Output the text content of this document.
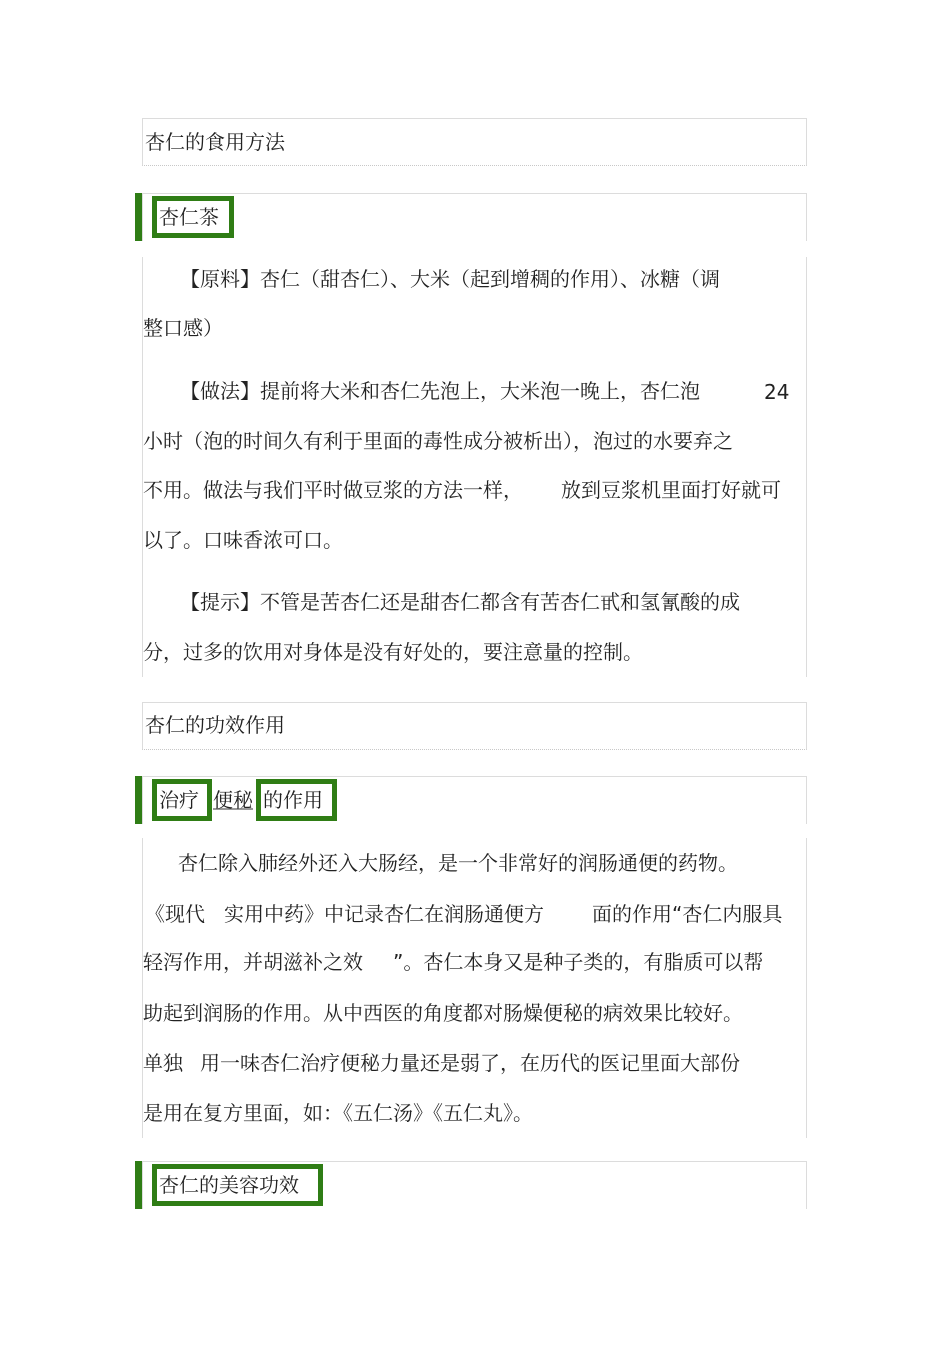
杏仁的食用方法
杏仁茶
【原料】杏仁（甜杏仁）、大米（起到增稠的作用）、冰糖（调
整口感）
【做法】提前将大米和杏仁先泡上，大米泡一晚上，杏仁泡	24
小时（泡的时间久有利于里面的毒性成分被析出），泡过的水要弃之
不用。做法与我们平时做豆浆的方法一样， 放到豆浆机里面打好就可
以了。口味香浓可口。
【提示】不管是苦杏仁还是甜杏仁都含有苦杏仁甙和氢氰酸的成
分，过多的饮用对身体是没有好处的，要注意量的控制。
杏仁的功效作用
治疗 便秘 的作用
杏仁除入肺经外还入大肠经，是一个非常好的润肠通便的药物。
《现代 实用中药》中记录杏仁在润肠通便方 面的作用“杏仁内服具
轻泻作用，并胡滋补之效 ”。杏仁本身又是种子类的，有脂质可以帮
助起到润肠的作用。从中西医的角度都对肠燥便秘的病效果比较好。
单独 用一味杏仁治疗便秘力量还是弱了，在历代的医记里面大部份
是用在复方里面，如：《五仁汤》《五仁丸》。
杏仁的美容功效
